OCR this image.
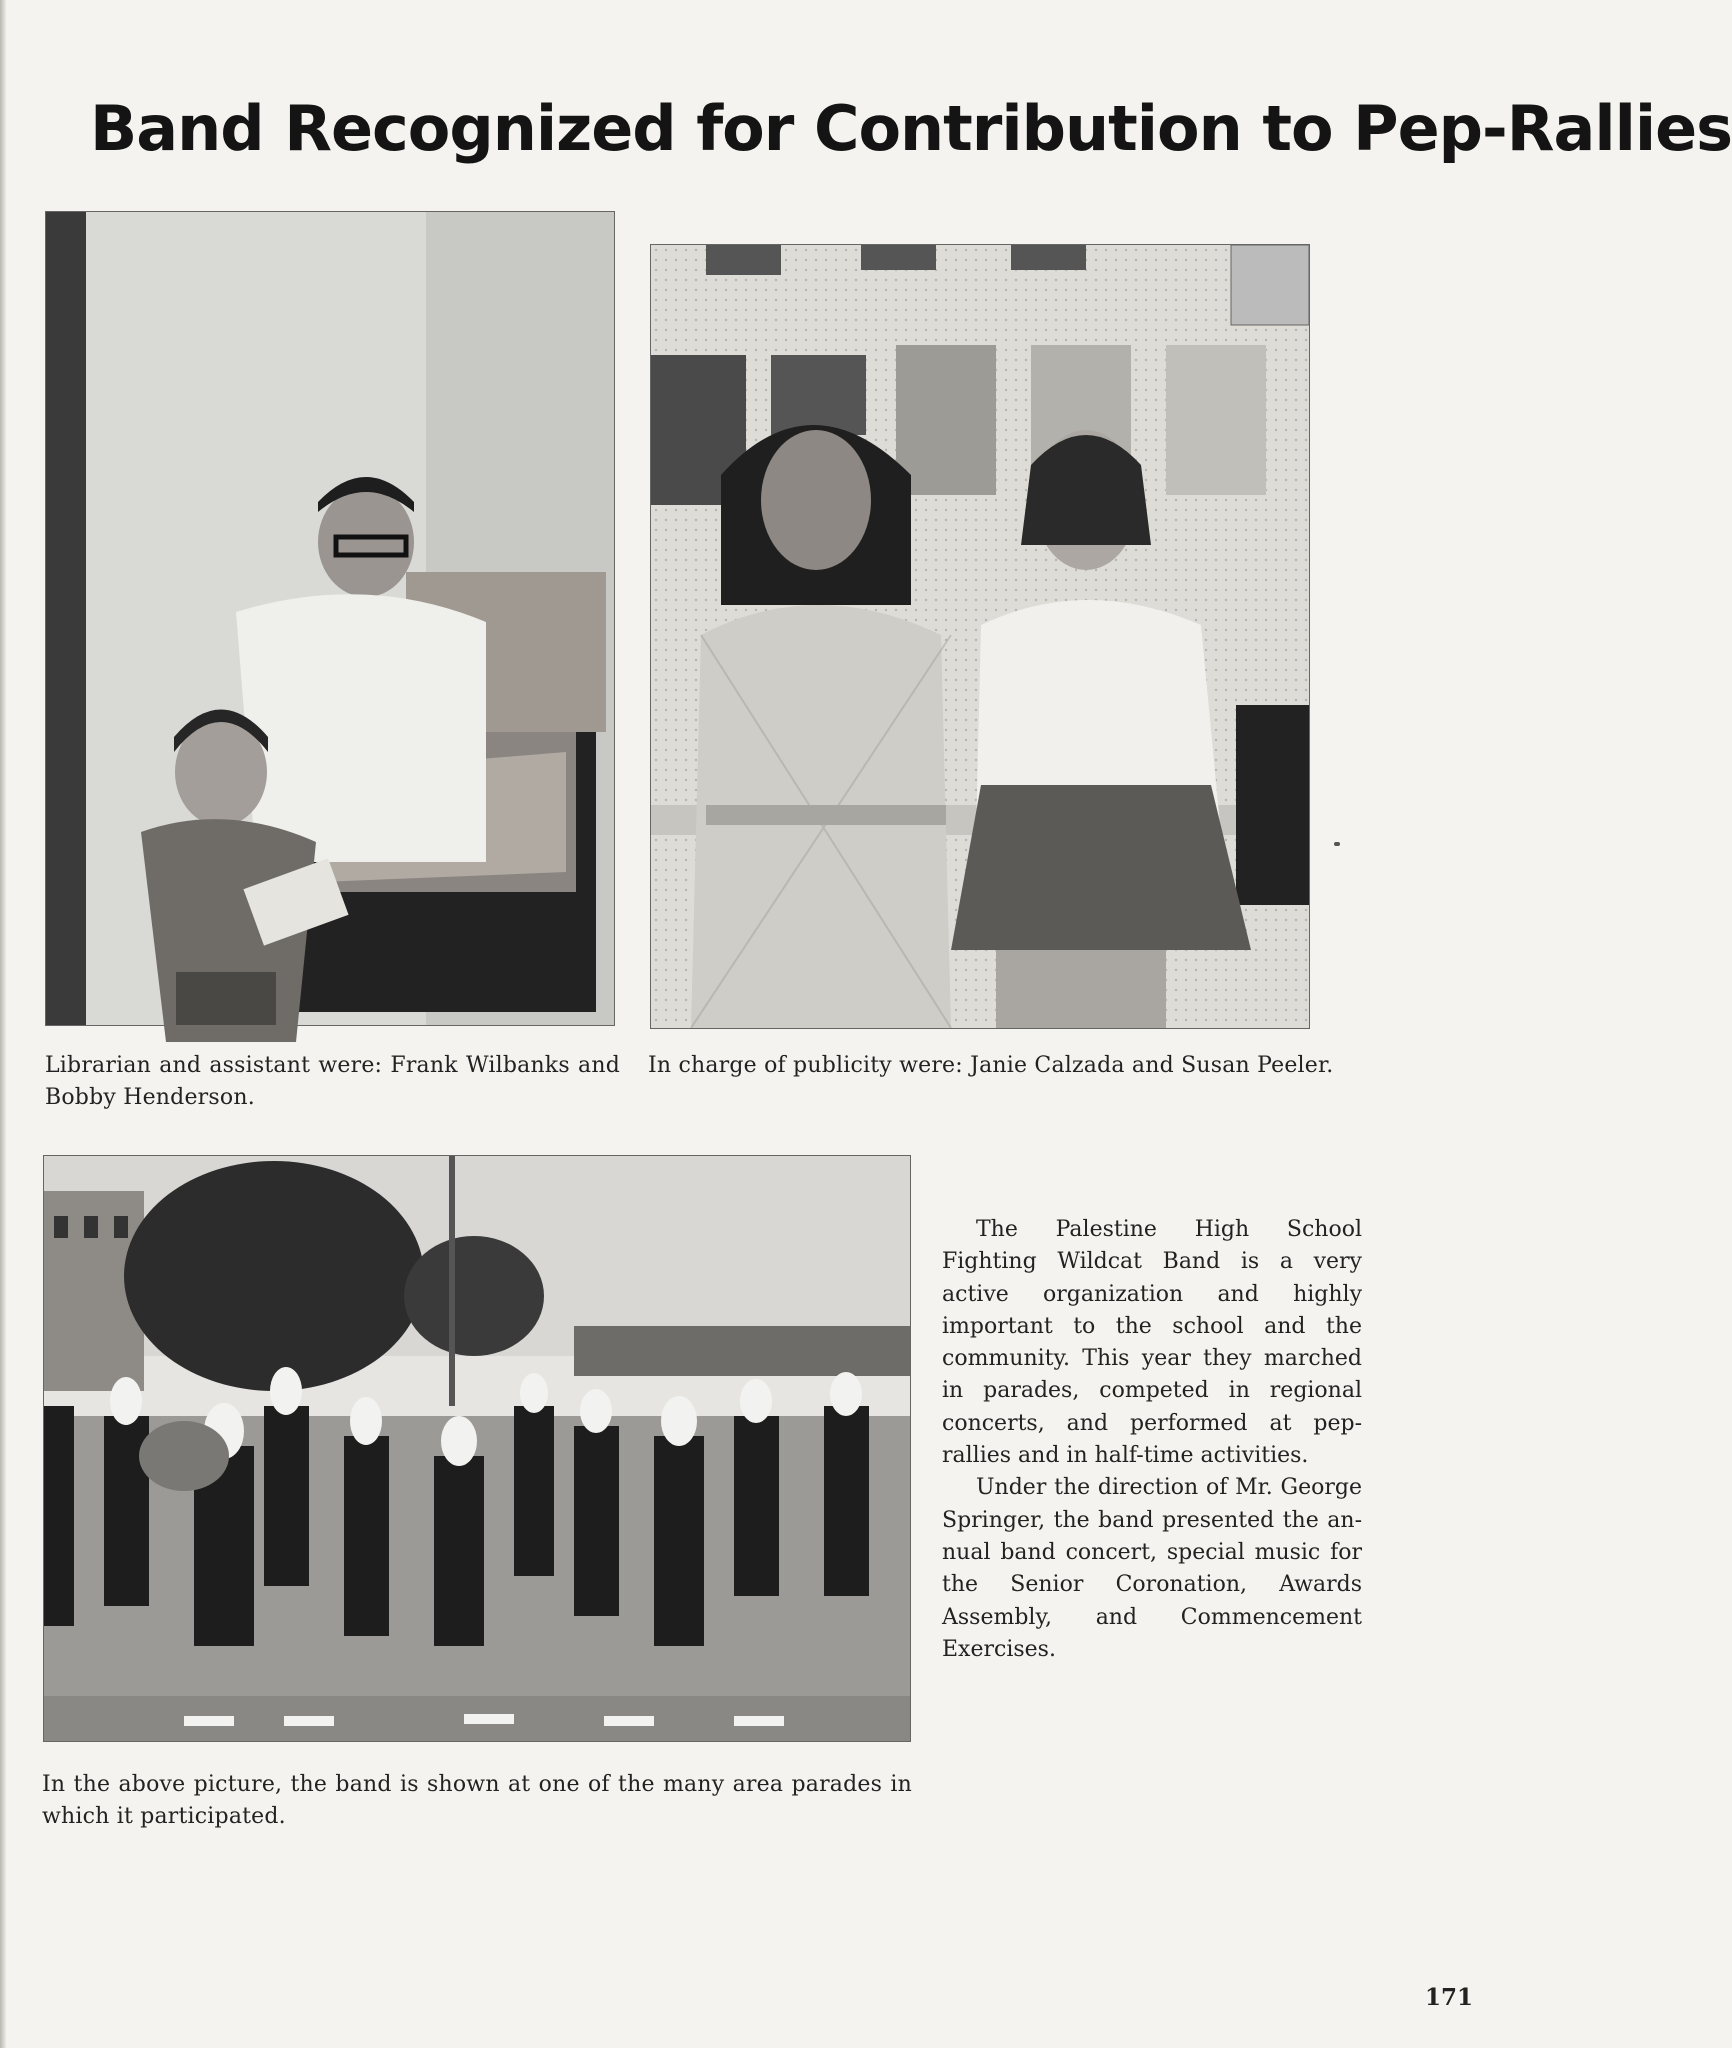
Band Recognized for Contribution to Pep-Rallies
Librarian and assistant were: Frank Wilbanks and Bobby Henderson.
In charge of publicity were: Janie Calzada and Susan Peeler.

The Palestine High School Fighting Wildcat Band is a very active organization and highly important to the school and the community. This year they marched in parades, competed in regional concerts, and performed at pep-rallies and in half-time activities.

Under the direction of Mr. George Springer, the band presented the annual band concert, special music for the Senior Coronation, Awards Assembly, and Commencement Exercises.

In the above picture, the band is shown at one of the many area parades in which it participated.
171
